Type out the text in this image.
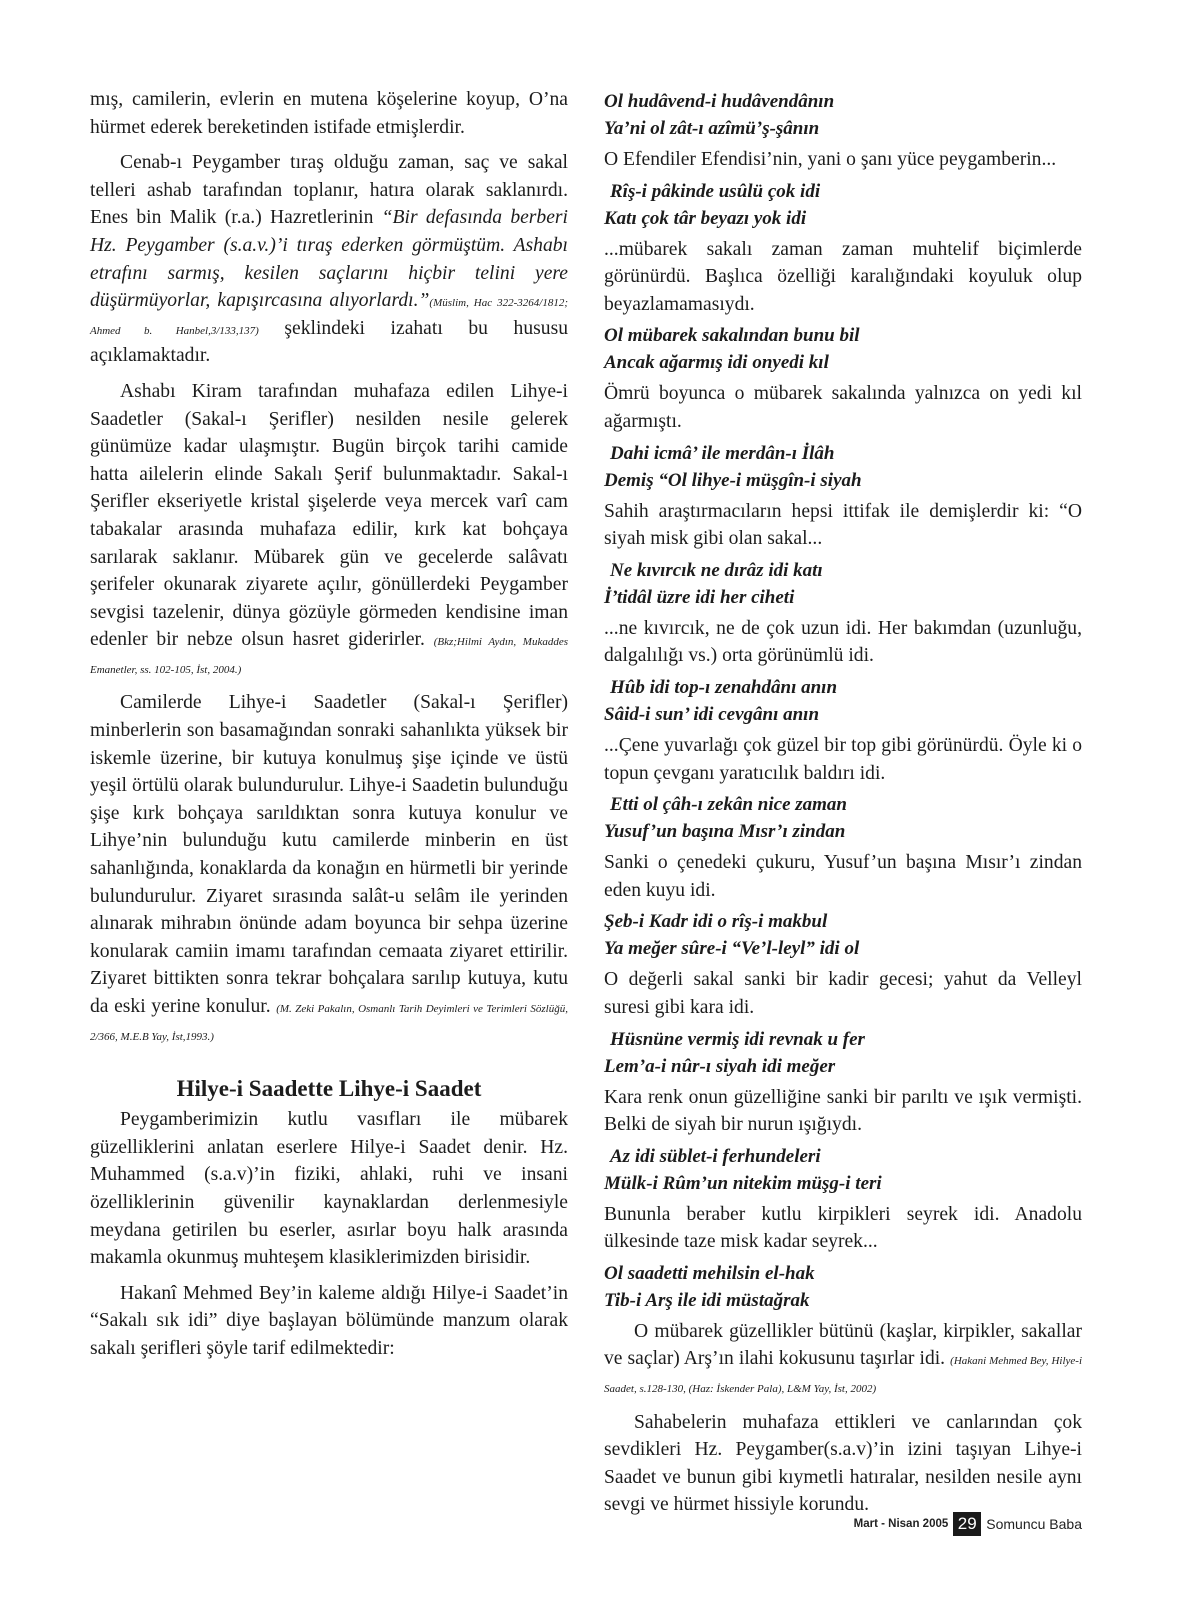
mış, camilerin, evlerin en mutena köşelerine koyup, O’na hürmet ederek bereketinden istifade etmişlerdir.

Cenab-ı Peygamber tıraş olduğu zaman, saç ve sakal telleri ashab tarafından toplanır, hatıra olarak saklanırdı. Enes bin Malik (r.a.) Hazretlerinin “Bir defasında berberi Hz. Peygamber (s.a.v.)’i tıraş ederken görmüştüm. Ashabı etrafını sarmış, kesilen saçlarını hiçbir telini yere düşürmüyorlar, kapışırcasına alıyorlardı.”(Müslim, Hac 322-3264/1812; Ahmed b. Hanbel,3/133,137) şeklindeki izahatı bu hususu açıklamaktadır.

Ashabı Kiram tarafından muhafaza edilen Lihye-i Saadetler (Sakal-ı Şerifler) nesilden nesile gelerek günümüze kadar ulaşmıştır. Bugün birçok tarihi camide hatta ailelerin elinde Sakalı Şerif bulunmaktadır. Sakal-ı Şerifler ekseriyetle kristal şişelerde veya mercek varî cam tabakalar arasında muhafaza edilir, kırk kat bohçaya sarılarak saklanır. Mübarek gün ve gecelerde salâvatı şerifeler okunarak ziyarete açılır, gönüllerdeki Peygamber sevgisi tazelenir, dünya gözüyle görmeden kendisine iman edenler bir nebze olsun hasret giderirler. (Bkz;Hilmi Aydın, Mukaddes Emanetler, ss. 102-105, İst, 2004.)

Camilerde Lihye-i Saadetler (Sakal-ı Şerifler) minberlerin son basamağından sonraki sahanlıkta yüksek bir iskemle üzerine, bir kutuya konulmuş şişe içinde ve üstü yeşil örtülü olarak bulundurulur. Lihye-i Saadetin bulunduğu şişe kırk bohçaya sarıldıktan sonra kutuya konulur ve Lihye’nin bulunduğu kutu camilerde minberin en üst sahanlığında, konaklarda da konağın en hürmetli bir yerinde bulundurulur. Ziyaret sırasında salât-u selâm ile yerinden alınarak mihrabın önünde adam boyunca bir sehpa üzerine konularak camiin imamı tarafından cemaata ziyaret ettirilir. Ziyaret bittikten sonra tekrar bohçalara sarılıp kutuya, kutu da eski yerine konulur. (M. Zeki Pakalın, Osmanlı Tarih Deyimleri ve Terimleri Sözlüğü, 2/366, M.E.B Yay, İst,1993.)

Hilye-i Saadette Lihye-i Saadet

Peygamberimizin kutlu vasıfları ile mübarek güzelliklerini anlatan eserlere Hilye-i Saadet denir. Hz. Muhammed (s.a.v)’in fiziki, ahlaki, ruhi ve insani özelliklerinin güvenilir kaynaklardan derlenmesiyle meydana getirilen bu eserler, asırlar boyu halk arasında makamla okunmuş muhteşem klasiklerimizden birisidir.

Hakanî Mehmed Bey’in kaleme aldığı Hilye-i Saadet’in “Sakalı sık idi” diye başlayan bölümünde manzum olarak sakalı şerifleri şöyle tarif edilmektedir:

Ol hudâvend-i hudâvendânın
Ya’ni ol zât-ı azîmü’ş-şânın

O Efendiler Efendisi’nin, yani o şanı yüce peygamberin...

Rîş-i pâkinde usûlü çok idi
Katı çok târ beyazı yok idi

...mübarek sakalı zaman zaman muhtelif biçimlerde görünürdü. Başlıca özelliği karalığındaki koyuluk olup beyazlamamasıydı.

Ol mübarek sakalından bunu bil
Ancak ağarmış idi onyedi kıl

Ömrü boyunca o mübarek sakalında yalnızca on yedi kıl ağarmıştı.

Dahi icmâ’ ile merdân-ı İlâh
Demiş “Ol lihye-i müşgîn-i siyah

Sahih araştırmacıların hepsi ittifak ile demişlerdir ki: “O siyah misk gibi olan sakal...

Ne kıvırcık ne dırâz idi katı
İ’tidâl üzre idi her ciheti

...ne kıvırcık, ne de çok uzun idi. Her bakımdan (uzunluğu, dalgalılığı vs.) orta görünümlü idi.

Hûb idi top-ı zenahdânı anın
Sâid-i sun’ idi cevgânı anın

...Çene yuvarlağı çok güzel bir top gibi görünürdü. Öyle ki o topun çevganı yaratıcılık baldırı idi.

Etti ol çâh-ı zekân nice zaman
Yusuf’un başına Mısr’ı zindan

Sanki o çenedeki çukuru, Yusuf’un başına Mısır’ı zindan eden kuyu idi.

Şeb-i Kadr idi o rîş-i makbul
Ya meğer sûre-i “Ve’l-leyl” idi ol

O değerli sakal sanki bir kadir gecesi; yahut da Velleyl suresi gibi kara idi.

Hüsnüne vermiş idi revnak u fer
Lem’a-i nûr-ı siyah idi meğer

Kara renk onun güzelliğine sanki bir parıltı ve ışık vermişti. Belki de siyah bir nurun ışığıydı.

Az idi süblet-i ferhundeleri
Mülk-i Rûm’un nitekim müşg-i teri

Bununla beraber kutlu kirpikleri seyrek idi. Anadolu ülkesinde taze misk kadar seyrek...

Ol saadetti mehilsin el-hak
Tib-i Arş ile idi müstağrak

O mübarek güzellikler bütünü (kaşlar, kirpikler, sakallar ve saçlar) Arş’ın ilahi kokusunu taşırlar idi. (Hakani Mehmed Bey, Hilye-i Saadet, s.128-130, (Haz: İskender Pala), L&M Yay, İst, 2002)

Sahabelerin muhafaza ettikleri ve canlarından çok sevdikleri Hz. Peygamber(s.a.v)’in izini taşıyan Lihye-i Saadet ve bunun gibi kıymetli hatıralar, nesilden nesile aynı sevgi ve hürmet hissiyle korundu.

Mart - Nisan 2005 29 Somuncu Baba
